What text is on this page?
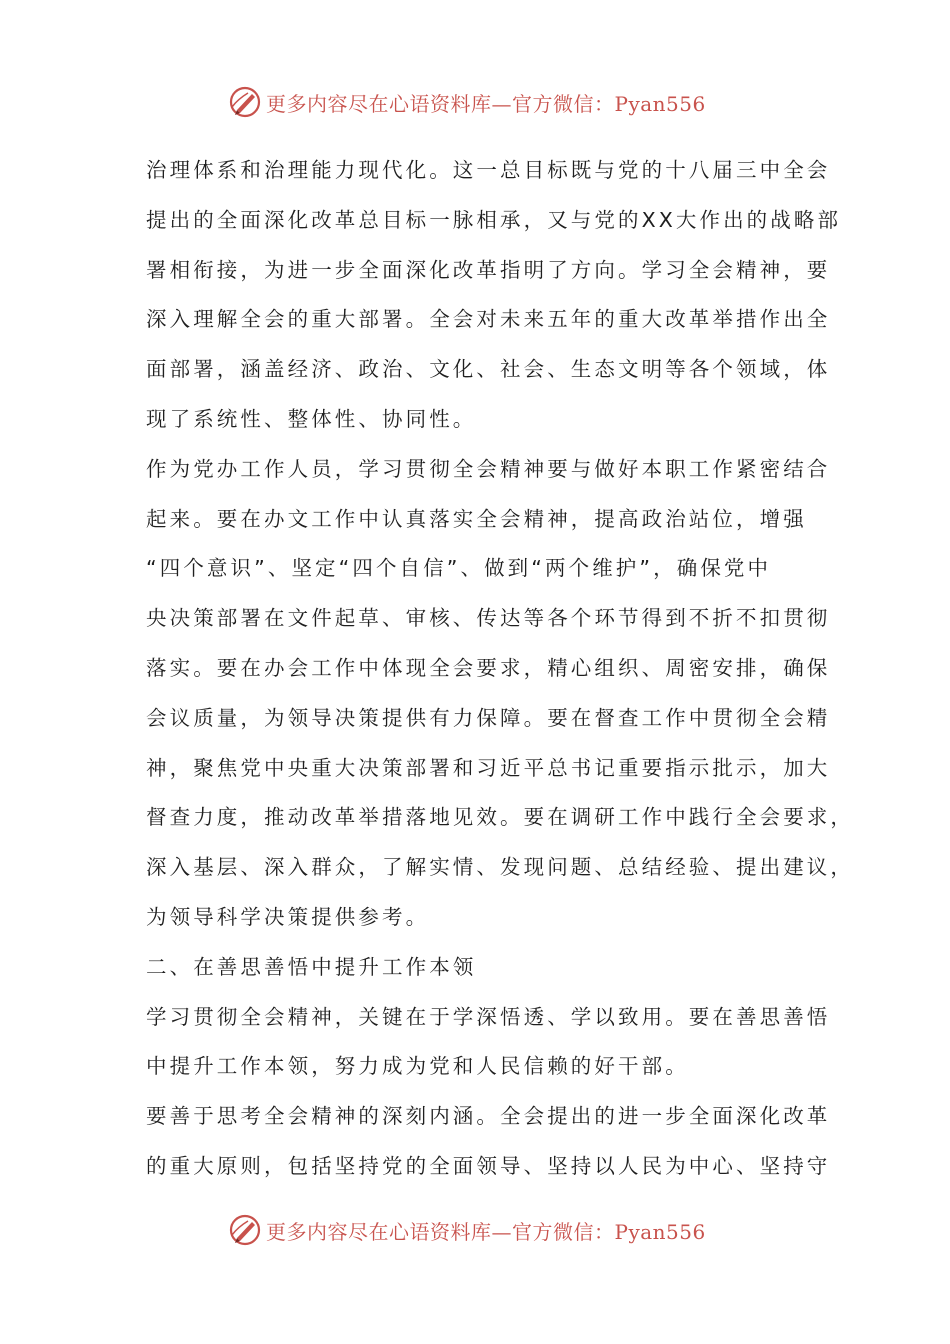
更多内容尽在心语资料库—官方微信：Pyan556
治理体系和治理能力现代化。这一总目标既与党的十八届三中全会
提出的全面深化改革总目标一脉相承，又与党的XX大作出的战略部
署相衔接，为进一步全面深化改革指明了方向。学习全会精神，要
深入理解全会的重大部署。全会对未来五年的重大改革举措作出全
面部署，涵盖经济、政治、文化、社会、生态文明等各个领域，体
现了系统性、整体性、协同性。
作为党办工作人员，学习贯彻全会精神要与做好本职工作紧密结合
起来。要在办文工作中认真落实全会精神，提高政治站位，增强
“四个意识”、坚定“四个自信”、做到“两个维护”，确保党中
央决策部署在文件起草、审核、传达等各个环节得到不折不扣贯彻
落实。要在办会工作中体现全会要求，精心组织、周密安排，确保
会议质量，为领导决策提供有力保障。要在督查工作中贯彻全会精
神，聚焦党中央重大决策部署和习近平总书记重要指示批示，加大
督查力度，推动改革举措落地见效。要在调研工作中践行全会要求，
深入基层、深入群众，了解实情、发现问题、总结经验、提出建议，
为领导科学决策提供参考。
二、在善思善悟中提升工作本领
学习贯彻全会精神，关键在于学深悟透、学以致用。要在善思善悟
中提升工作本领，努力成为党和人民信赖的好干部。
要善于思考全会精神的深刻内涵。全会提出的进一步全面深化改革
的重大原则，包括坚持党的全面领导、坚持以人民为中心、坚持守
更多内容尽在心语资料库—官方微信：Pyan556
